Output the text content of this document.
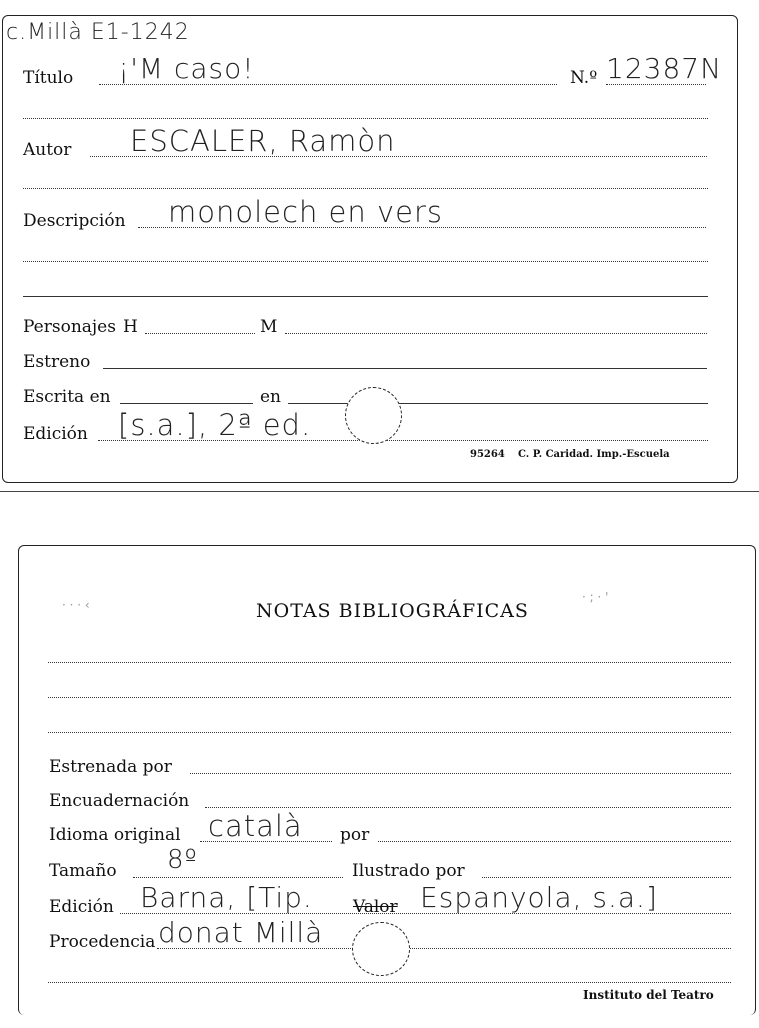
c.Millà E1-1242
Título ¡'M caso!	N.º 12387N
Autor ESCALER, Ramòn
Descripción monolech en vers
Personajes H	M
Estreno
Escrita en	en
Edición [s.a.], 2ª ed.
95264 C. P. Caridad. Imp.-Escuela
· · · ‹
· ; · '
NOTAS BIBLIOGRÁFICAS
Estrenada por
Encuadernación
Idioma original català por
Tamaño 8º	Ilustrado por
Edición Barna, [Tip. Valor Espanyola, s.a.]
Procedencia donat Millà
Instituto del Teatro
